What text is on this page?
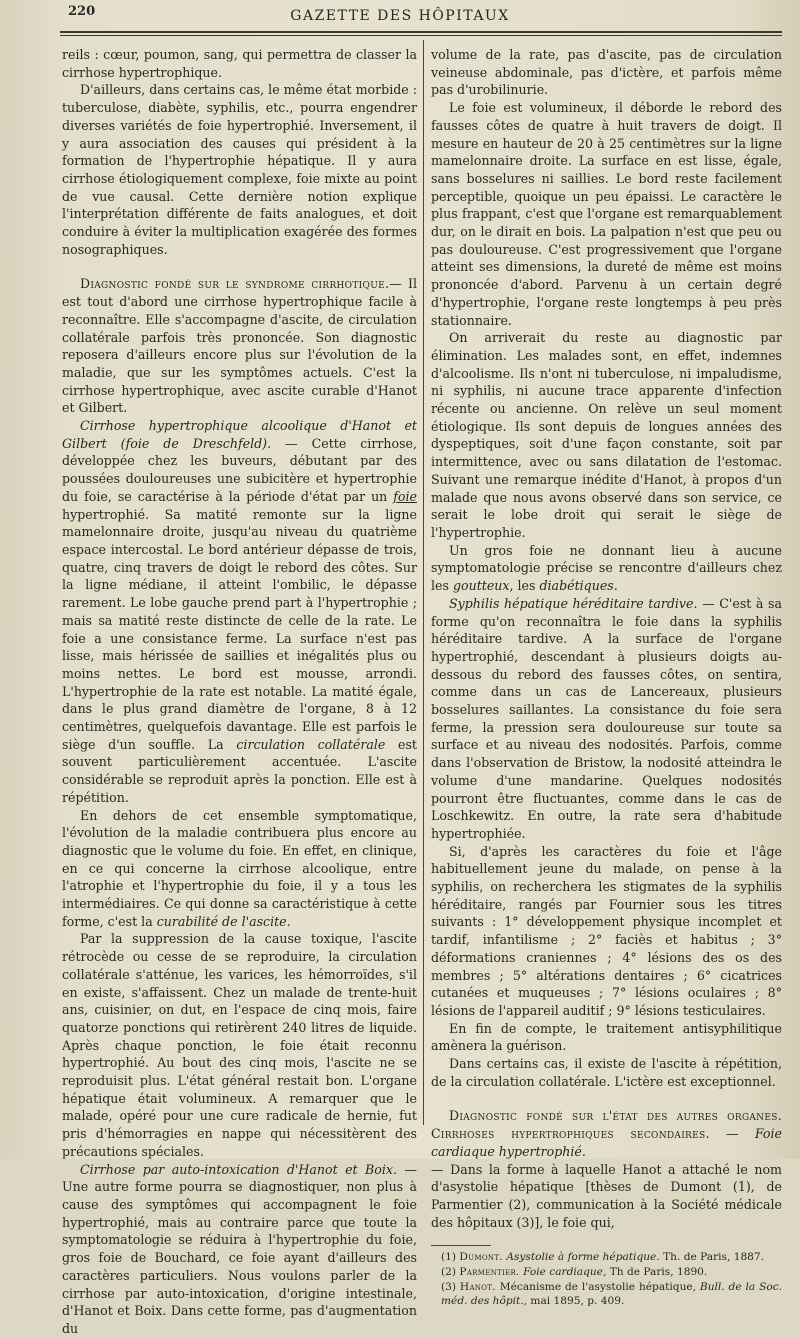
220	GAZETTE DES HÔPITAUX

reils : cœur, poumon, sang, qui permettra de classer la cirrhose hypertrophique.

D'ailleurs, dans certains cas, le même état morbide : tuberculose, diabète, syphilis, etc., pourra engendrer diverses variétés de foie hypertrophié. Inversement, il y aura association des causes qui président à la formation de l'hypertrophie hépatique. Il y aura cirrhose étiologiquement complexe, foie mixte au point de vue causal. Cette dernière notion explique l'interprétation différente de faits analogues, et doit conduire à éviter la multiplication exagérée des formes nosographiques.

Diagnostic fondé sur le syndrome cirrhotique.— Il est tout d'abord une cirrhose hypertrophique facile à reconnaître. Elle s'accompagne d'ascite, de circulation collatérale parfois très prononcée. Son diagnostic reposera d'ailleurs encore plus sur l'évolution de la maladie, que sur les symptômes actuels. C'est la cirrhose hypertrophique, avec ascite curable d'Hanot et Gilbert.

Cirrhose hypertrophique alcoolique d'Hanot et Gilbert (foie de Dreschfeld). — Cette cirrhose, développée chez les buveurs, débutant par des poussées douloureuses une subicitère et hypertrophie du foie, se caractérise à la période d'état par un foie hypertrophié. Sa matité remonte sur la ligne mamelonnaire droite, jusqu'au niveau du quatrième espace intercostal. Le bord antérieur dépasse de trois, quatre, cinq travers de doigt le rebord des côtes. Sur la ligne médiane, il atteint l'ombilic, le dépasse rarement. Le lobe gauche prend part à l'hypertrophie ; mais sa matité reste distincte de celle de la rate. Le foie a une consistance ferme. La surface n'est pas lisse, mais hérissée de saillies et inégalités plus ou moins nettes. Le bord est mousse, arrondi. L'hypertrophie de la rate est notable. La matité égale, dans le plus grand diamètre de l'organe, 8 à 12 centimètres, quelquefois davantage. Elle est parfois le siège d'un souffle. La circulation collatérale est souvent particulièrement accentuée. L'ascite considérable se reproduit après la ponction. Elle est à répétition.

En dehors de cet ensemble symptomatique, l'évolution de la maladie contribuera plus encore au diagnostic que le volume du foie. En effet, en clinique, en ce qui concerne la cirrhose alcoolique, entre l'atrophie et l'hypertrophie du foie, il y a tous les intermédiaires. Ce qui donne sa caractéristique à cette forme, c'est la curabilité de l'ascite.

Par la suppression de la cause toxique, l'ascite rétrocède ou cesse de se reproduire, la circulation collatérale s'atténue, les varices, les hémorroïdes, s'il en existe, s'affaissent. Chez un malade de trente-huit ans, cuisinier, on dut, en l'espace de cinq mois, faire quatorze ponctions qui retirèrent 240 litres de liquide. Après chaque ponction, le foie était reconnu hypertrophié. Au bout des cinq mois, l'ascite ne se reproduisit plus. L'état général restait bon. L'organe hépatique était volumineux. A remarquer que le malade, opéré pour une cure radicale de hernie, fut pris d'hémorragies en nappe qui nécessitèrent des précautions spéciales.

Cirrhose par auto-intoxication d'Hanot et Boix. — Une autre forme pourra se diagnostiquer, non plus à cause des symptômes qui accompagnent le foie hypertrophié, mais au contraire parce que toute la symptomatologie se réduira à l'hypertrophie du foie, gros foie de Bouchard, ce foie ayant d'ailleurs des caractères particuliers. Nous voulons parler de la cirrhose par auto-intoxication, d'origine intestinale, d'Hanot et Boix. Dans cette forme, pas d'augmentation du

volume de la rate, pas d'ascite, pas de circulation veineuse abdominale, pas d'ictère, et parfois même pas d'urobilinurie.

Le foie est volumineux, il déborde le rebord des fausses côtes de quatre à huit travers de doigt. Il mesure en hauteur de 20 à 25 centimètres sur la ligne mamelonnaire droite. La surface en est lisse, égale, sans bosselures ni saillies. Le bord reste facilement perceptible, quoique un peu épaissi. Le caractère le plus frappant, c'est que l'organe est remarquablement dur, on le dirait en bois. La palpation n'est que peu ou pas douloureuse. C'est progressivement que l'organe atteint ses dimensions, la dureté de même est moins prononcée d'abord. Parvenu à un certain degré d'hypertrophie, l'organe reste longtemps à peu près stationnaire.

On arriverait du reste au diagnostic par élimination. Les malades sont, en effet, indemnes d'alcoolisme. Ils n'ont ni tuberculose, ni impaludisme, ni syphilis, ni aucune trace apparente d'infection récente ou ancienne. On relève un seul moment étiologique. Ils sont depuis de longues années des dyspeptiques, soit d'une façon constante, soit par intermittence, avec ou sans dilatation de l'estomac. Suivant une remarque inédite d'Hanot, à propos d'un malade que nous avons observé dans son service, ce serait le lobe droit qui serait le siège de l'hypertrophie.

Un gros foie ne donnant lieu à aucune symptomatologie précise se rencontre d'ailleurs chez les goutteux, les diabétiques.

Syphilis hépatique héréditaire tardive. — C'est à sa forme qu'on reconnaîtra le foie dans la syphilis héréditaire tardive. A la surface de l'organe hypertrophié, descendant à plusieurs doigts au-dessous du rebord des fausses côtes, on sentira, comme dans un cas de Lancereaux, plusieurs bosselures saillantes. La consistance du foie sera ferme, la pression sera douloureuse sur toute sa surface et au niveau des nodosités. Parfois, comme dans l'observation de Bristow, la nodosité atteindra le volume d'une mandarine. Quelques nodosités pourront être fluctuantes, comme dans le cas de Loschkewitz. En outre, la rate sera d'habitude hypertrophiée.

Si, d'après les caractères du foie et l'âge habituellement jeune du malade, on pense à la syphilis, on recherchera les stigmates de la syphilis héréditaire, rangés par Fournier sous les titres suivants : 1° développement physique incomplet et tardif, infantilisme ; 2° faciès et habitus ; 3° déformations craniennes ; 4° lésions des os des membres ; 5° altérations dentaires ; 6° cicatrices cutanées et muqueuses ; 7° lésions oculaires ; 8° lésions de l'appareil auditif ; 9° lésions testiculaires.

En fin de compte, le traitement antisyphilitique amènera la guérison.

Dans certains cas, il existe de l'ascite à répétition, de la circulation collatérale. L'ictère est exceptionnel.

Diagnostic fondé sur l'état des autres organes. Cirrhoses hypertrophiques secondaires. — Foie cardiaque hypertrophié.
— Dans la forme à laquelle Hanot a attaché le nom d'asystolie hépatique [thèses de Dumont (1), de Parmentier (2), communication à la Société médicale des hôpitaux (3)], le foie qui,

(1) Dumont. Asystolie à forme hépatique. Th. de Paris, 1887.

(2) Parmentier. Foie cardiaque, Th de Paris, 1890.

(3) Hanot. Mécanisme de l'asystolie hépatique, Bull. de la Soc. méd. des hôpit., mai 1895, p. 409.
